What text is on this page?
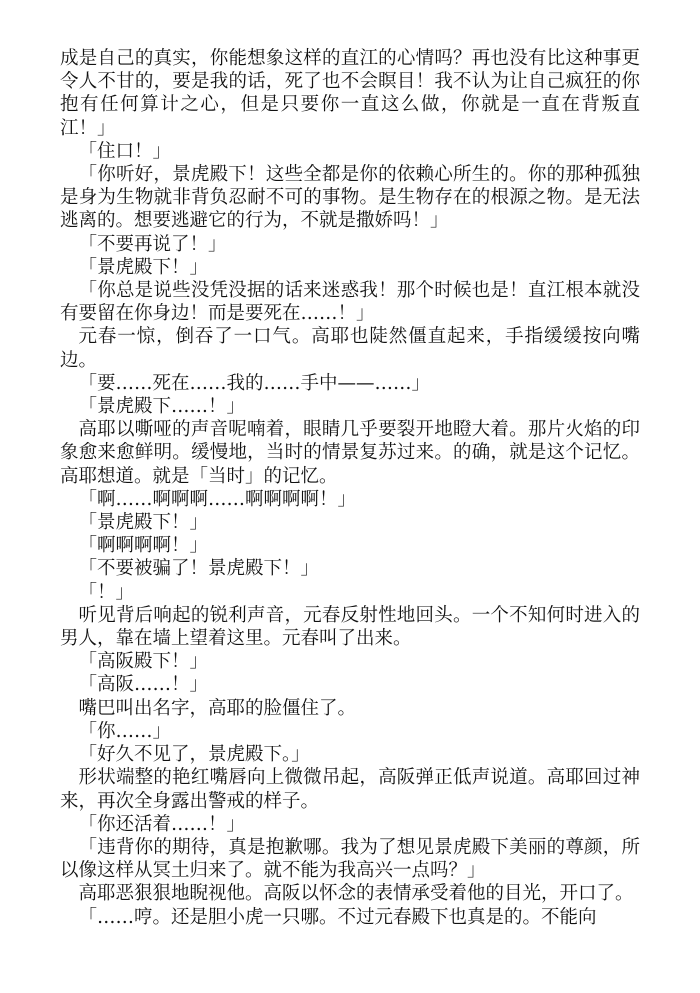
成是自己的真实，你能想象这样的直江的心情吗？再也没有比这种事更令人不甘的，要是我的话，死了也不会瞑目！我不认为让自己疯狂的你抱有任何算计之心，但是只要你一直这么做，你就是一直在背叛直江！」

「住口！」

「你听好，景虎殿下！这些全都是你的依赖心所生的。你的那种孤独是身为生物就非背负忍耐不可的事物。是生物存在的根源之物。是无法逃离的。想要逃避它的行为，不就是撒娇吗！」

「不要再说了！」

「景虎殿下！」

「你总是说些没凭没据的话来迷惑我！那个时候也是！直江根本就没有要留在你身边！而是要死在……！」

元春一惊，倒吞了一口气。高耶也陡然僵直起来，手指缓缓按向嘴边。

「要……死在……我的……手中——……」

「景虎殿下……！」

高耶以嘶哑的声音呢喃着，眼睛几乎要裂开地瞪大着。那片火焰的印象愈来愈鲜明。缓慢地，当时的情景复苏过来。的确，就是这个记忆。高耶想道。就是「当时」的记忆。

「啊……啊啊啊……啊啊啊啊！」

「景虎殿下！」

「啊啊啊啊！」

「不要被骗了！景虎殿下！」

「！」

听见背后响起的锐利声音，元春反射性地回头。一个不知何时进入的男人，靠在墙上望着这里。元春叫了出来。

「高阪殿下！」

「高阪……！」

嘴巴叫出名字，高耶的脸僵住了。

「你……」

「好久不见了，景虎殿下。」

形状端整的艳红嘴唇向上微微吊起，高阪弹正低声说道。高耶回过神来，再次全身露出警戒的样子。

「你还活着……！」

「违背你的期待，真是抱歉哪。我为了想见景虎殿下美丽的尊颜，所以像这样从冥土归来了。就不能为我高兴一点吗？」

高耶恶狠狠地睨视他。高阪以怀念的表情承受着他的目光，开口了。

「……哼。还是胆小虎一只哪。不过元春殿下也真是的。不能向
